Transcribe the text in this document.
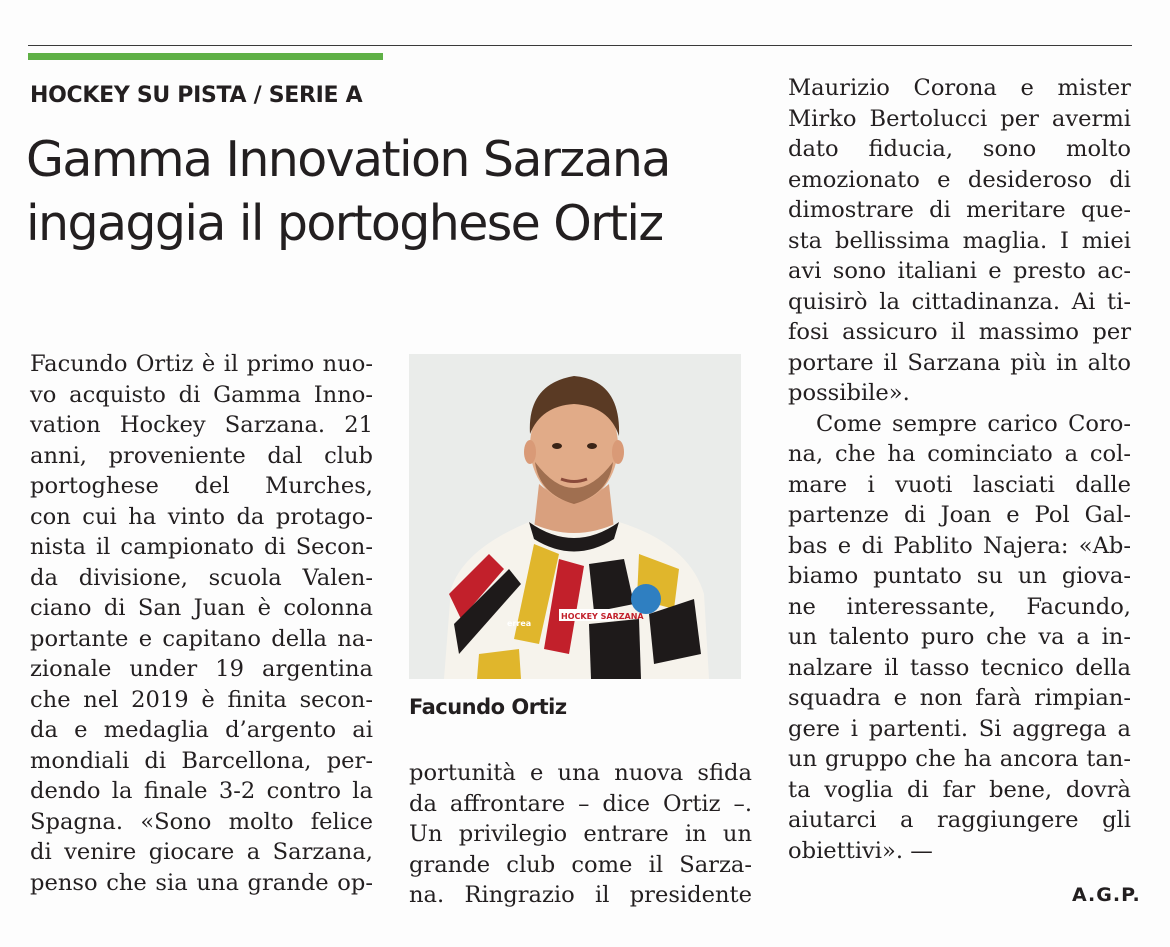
HOCKEY SU PISTA / SERIE A
Gamma Innovation Sarzana
ingaggia il portoghese Ortiz
Facundo Ortiz è il primo nuo-
vo acquisto di Gamma Inno-
vation Hockey Sarzana. 21
anni, proveniente dal club
portoghese del Murches,
con cui ha vinto da protago-
nista il campionato di Secon-
da divisione, scuola Valen-
ciano di San Juan è colonna
portante e capitano della na-
zionale under 19 argentina
che nel 2019 è finita secon-
da e medaglia d’argento ai
mondiali di Barcellona, per-
dendo la finale 3-2 contro la
Spagna. «Sono molto felice
di venire giocare a Sarzana,
penso che sia una grande op-
HOCKEY SARZANA
errea
Facundo Ortiz
portunità e una nuova sfida
da affrontare – dice Ortiz –.
Un privilegio entrare in un
grande club come il Sarza-
na. Ringrazio il presidente
Maurizio Corona e mister
Mirko Bertolucci per avermi
dato fiducia, sono molto
emozionato e desideroso di
dimostrare di meritare que-
sta bellissima maglia. I miei
avi sono italiani e presto ac-
quisirò la cittadinanza. Ai ti-
fosi assicuro il massimo per
portare il Sarzana più in alto
possibile».
Come sempre carico Coro-
na, che ha cominciato a col-
mare i vuoti lasciati dalle
partenze di Joan e Pol Gal-
bas e di Pablito Najera: «Ab-
biamo puntato su un giova-
ne interessante, Facundo,
un talento puro che va a in-
nalzare il tasso tecnico della
squadra e non farà rimpian-
gere i partenti. Si aggrega a
un gruppo che ha ancora tan-
ta voglia di far bene, dovrà
aiutarci a raggiungere gli
obiettivi». —
A.G.P.
